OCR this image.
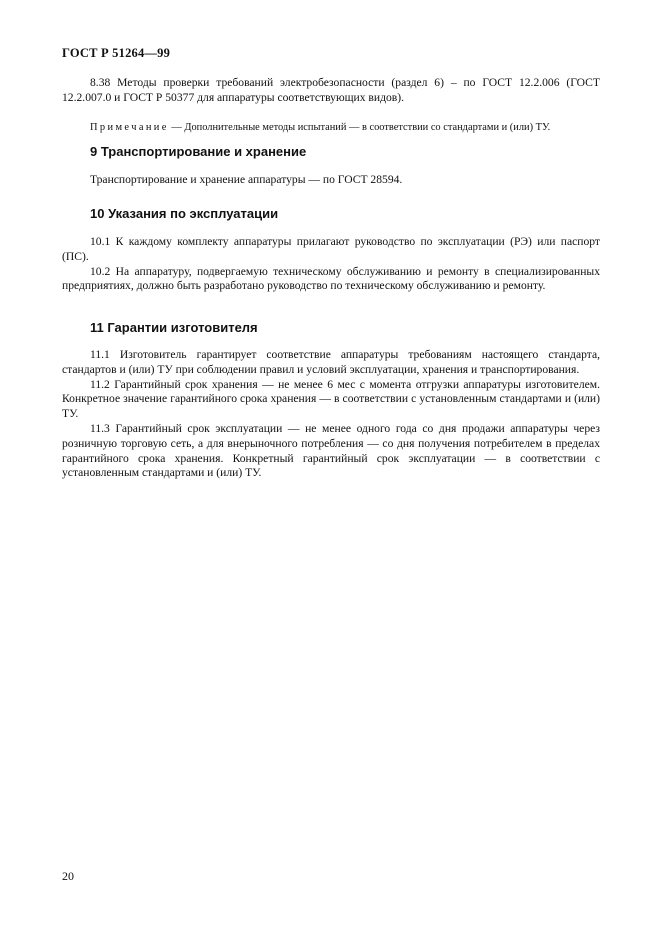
ГОСТ Р 51264—99

8.38 Методы проверки требований электробезопасности (раздел 6) – по ГОСТ 12.2.006 (ГОСТ 12.2.007.0 и ГОСТ Р 50377 для аппаратуры соответствующих видов).

Примечание — Дополнительные методы испытаний — в соответствии со стандартами и (или) ТУ.

9 Транспортирование и хранение

Транспортирование и хранение аппаратуры — по ГОСТ 28594.

10 Указания по эксплуатации

10.1 К каждому комплекту аппаратуры прилагают руководство по эксплуатации (РЭ) или паспорт (ПС).

10.2 На аппаратуру, подвергаемую техническому обслуживанию и ремонту в специализированных предприятиях, должно быть разработано руководство по техническому обслуживанию и ремонту.

11 Гарантии изготовителя

11.1 Изготовитель гарантирует соответствие аппаратуры требованиям настоящего стандарта, стандартов и (или) ТУ при соблюдении правил и условий эксплуатации, хранения и транспортирования.

11.2 Гарантийный срок хранения — не менее 6 мес с момента отгрузки аппаратуры изготовителем. Конкретное значение гарантийного срока хранения — в соответствии с установленным стандартами и (или) ТУ.

11.3 Гарантийный срок эксплуатации — не менее одного года со дня продажи аппаратуры через розничную торговую сеть, а для внерыночного потребления — со дня получения потребителем в пределах гарантийного срока хранения. Конкретный гарантийный срок эксплуатации — в соответствии с установленным стандартами и (или) ТУ.

20
